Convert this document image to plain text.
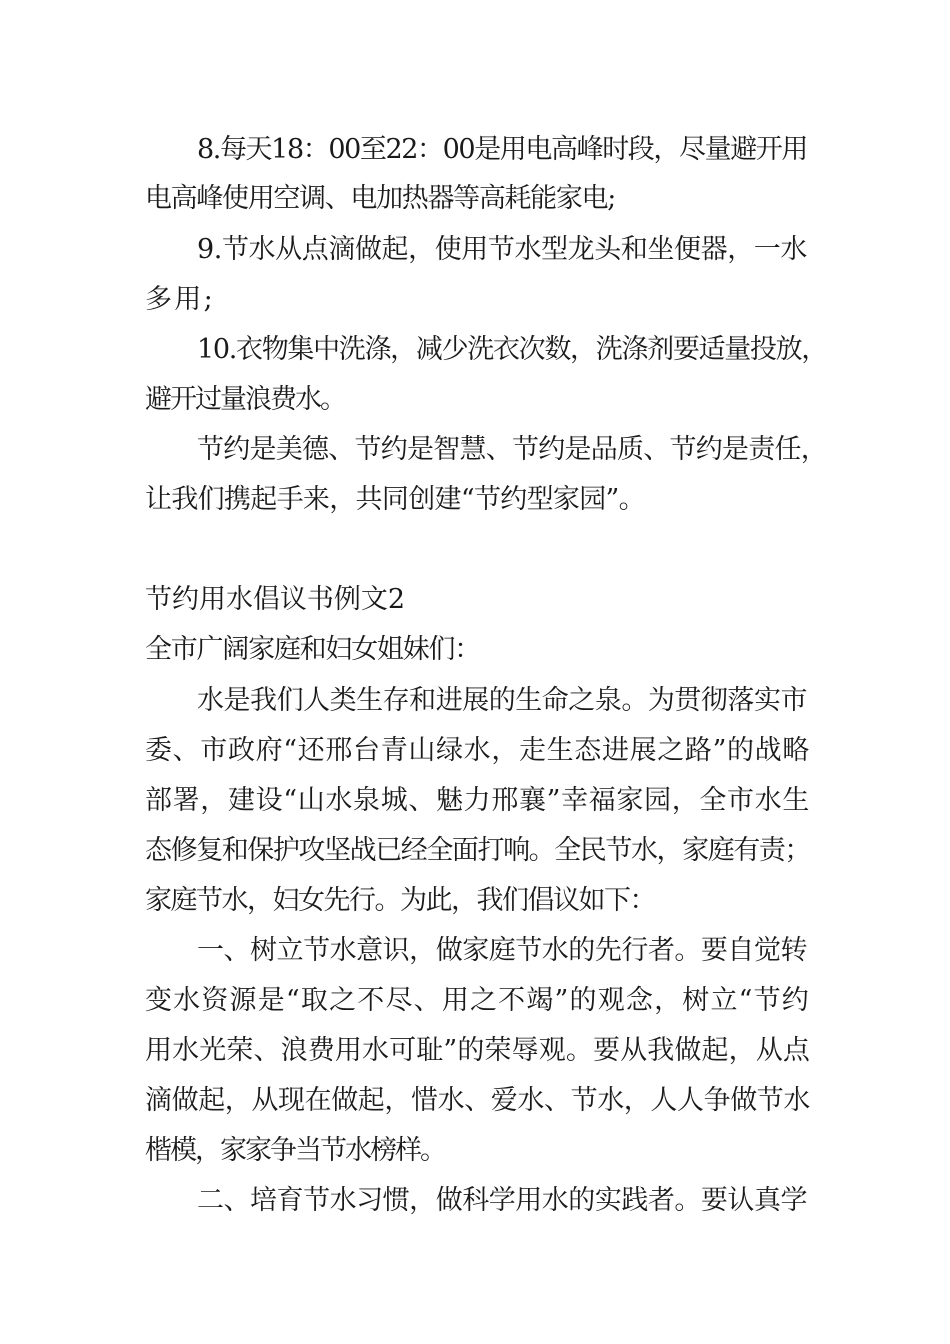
8.每天18：00至22：00是用电高峰时段，尽量避开用
电高峰使用空调、电加热器等高耗能家电;
9.节水从点滴做起，使用节水型龙头和坐便器，一水
多用;
10.衣物集中洗涤，减少洗衣次数，洗涤剂要适量投放，
避开过量浪费水。
节约是美德、节约是智慧、节约是品质、节约是责任，
让我们携起手来，共同创建“节约型家园”。
节约用水倡议书例文2
全市广阔家庭和妇女姐妹们：
水是我们人类生存和进展的生命之泉。为贯彻落实市
委、市政府“还邢台青山绿水，走生态进展之路”的战略
部署，建设“山水泉城、魅力邢襄”幸福家园，全市水生
态修复和保护攻坚战已经全面打响。全民节水，家庭有责；
家庭节水，妇女先行。为此，我们倡议如下：
一、树立节水意识，做家庭节水的先行者。要自觉转
变水资源是“取之不尽、用之不竭”的观念，树立“节约
用水光荣、浪费用水可耻”的荣辱观。要从我做起，从点
滴做起，从现在做起，惜水、爱水、节水，人人争做节水
楷模，家家争当节水榜样。
二、培育节水习惯，做科学用水的实践者。要认真学
